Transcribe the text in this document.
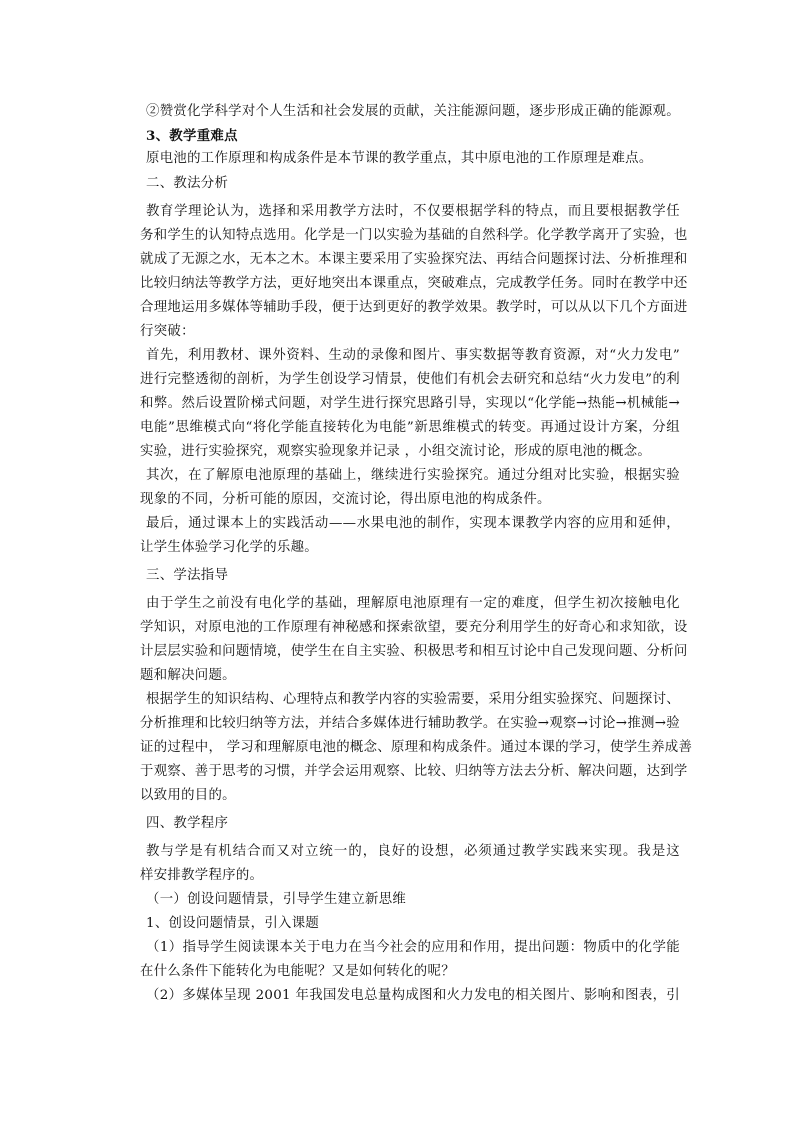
②赞赏化学科学对个人生活和社会发展的贡献，关注能源问题，逐步形成正确的能源观。
3、教学重难点
原电池的工作原理和构成条件是本节课的教学重点，其中原电池的工作原理是难点。
二、教法分析
教育学理论认为，选择和采用教学方法时，不仅要根据学科的特点，而且要根据教学任
务和学生的认知特点选用。化学是一门以实验为基础的自然科学。化学教学离开了实验，也
就成了无源之水，无本之木。本课主要采用了实验探究法、再结合问题探讨法、分析推理和
比较归纳法等教学方法，更好地突出本课重点，突破难点，完成教学任务。同时在教学中还
合理地运用多媒体等辅助手段，便于达到更好的教学效果。教学时，可以从以下几个方面进
行突破：
首先，利用教材、课外资料、生动的录像和图片、事实数据等教育资源，对“火力发电”
进行完整透彻的剖析，为学生创设学习情景，使他们有机会去研究和总结“火力发电”的利
和弊。然后设置阶梯式问题，对学生进行探究思路引导，实现以“化学能→热能→机械能→
电能”思维模式向“将化学能直接转化为电能”新思维模式的转变。再通过设计方案，分组
实验，进行实验探究，观察实验现象并记录 ，小组交流讨论，形成的原电池的概念。
其次，在了解原电池原理的基础上，继续进行实验探究。通过分组对比实验，根据实验
现象的不同，分析可能的原因，交流讨论，得出原电池的构成条件。
最后，通过课本上的实践活动——水果电池的制作，实现本课教学内容的应用和延伸，
让学生体验学习化学的乐趣。
三、学法指导
由于学生之前没有电化学的基础，理解原电池原理有一定的难度，但学生初次接触电化
学知识，对原电池的工作原理有神秘感和探索欲望，要充分利用学生的好奇心和求知欲，设
计层层实验和问题情境，使学生在自主实验、积极思考和相互讨论中自己发现问题、分析问
题和解决问题。
根据学生的知识结构、心理特点和教学内容的实验需要，采用分组实验探究、问题探讨、
分析推理和比较归纳等方法，并结合多媒体进行辅助教学。在实验→观察→讨论→推测→验
证的过程中， 学习和理解原电池的概念、原理和构成条件。通过本课的学习，使学生养成善
于观察、善于思考的习惯，并学会运用观察、比较、归纳等方法去分析、解决问题，达到学
以致用的目的。
四、教学程序
教与学是有机结合而又对立统一的，良好的设想，必须通过教学实践来实现。我是这
样安排教学程序的。
（一）创设问题情景，引导学生建立新思维
1、创设问题情景，引入课题
（1）指导学生阅读课本关于电力在当今社会的应用和作用，提出问题：物质中的化学能
在什么条件下能转化为电能呢？又是如何转化的呢？
（2）多媒体呈现 2001 年我国发电总量构成图和火力发电的相关图片、影响和图表，引
